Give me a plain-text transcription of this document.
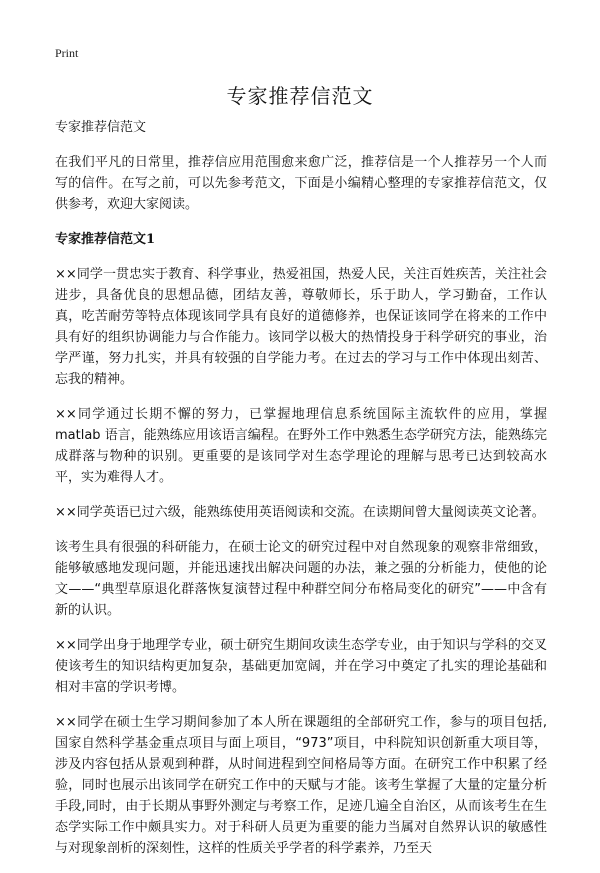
Print
专家推荐信范文

专家推荐信范文

在我们平凡的日常里，推荐信应用范围愈来愈广泛，推荐信是一个人推荐另一个人而写的信件。在写之前，可以先参考范文，下面是小编精心整理的专家推荐信范文，仅供参考，欢迎大家阅读。

专家推荐信范文1

××同学一贯忠实于教育、科学事业，热爱祖国，热爱人民，关注百姓疾苦，关注社会进步，具备优良的思想品德，团结友善，尊敬师长，乐于助人，学习勤奋，工作认真，吃苦耐劳等特点体现该同学具有良好的道德修养，也保证该同学在将来的工作中具有好的组织协调能力与合作能力。该同学以极大的热情投身于科学研究的事业，治学严谨，努力扎实，并具有较强的自学能力考。在过去的学习与工作中体现出刻苦、忘我的精神。

××同学通过长期不懈的努力，已掌握地理信息系统国际主流软件的应用，掌握matlab 语言，能熟练应用该语言编程。在野外工作中熟悉生态学研究方法，能熟练完成群落与物种的识别。更重要的是该同学对生态学理论的理解与思考已达到较高水平，实为难得人才。

××同学英语已过六级，能熟练使用英语阅读和交流。在读期间曾大量阅读英文论著。

该考生具有很强的科研能力，在硕士论文的研究过程中对自然现象的观察非常细致，能够敏感地发现问题，并能迅速找出解决问题的办法，兼之强的分析能力，使他的论文——“典型草原退化群落恢复演替过程中种群空间分布格局变化的研究”——中含有新的认识。

××同学出身于地理学专业，硕士研究生期间攻读生态学专业，由于知识与学科的交叉使该考生的知识结构更加复杂，基础更加宽阔，并在学习中奠定了扎实的理论基础和相对丰富的学识考博。

××同学在硕士生学习期间参加了本人所在课题组的全部研究工作，参与的项目包括,国家自然科学基金重点项目与面上项目，“973”项目，中科院知识创新重大项目等，涉及内容包括从景观到种群，从时间进程到空间格局等方面。在研究工作中积累了经验，同时也展示出该同学在研究工作中的天赋与才能。该考生掌握了大量的定量分析手段,同时，由于长期从事野外测定与考察工作，足迹几遍全自治区，从而该考生在生态学实际工作中颇具实力。对于科研人员更为重要的能力当属对自然界认识的敏感性与对现象剖析的深刻性，这样的性质关乎学者的科学素养，乃至天
